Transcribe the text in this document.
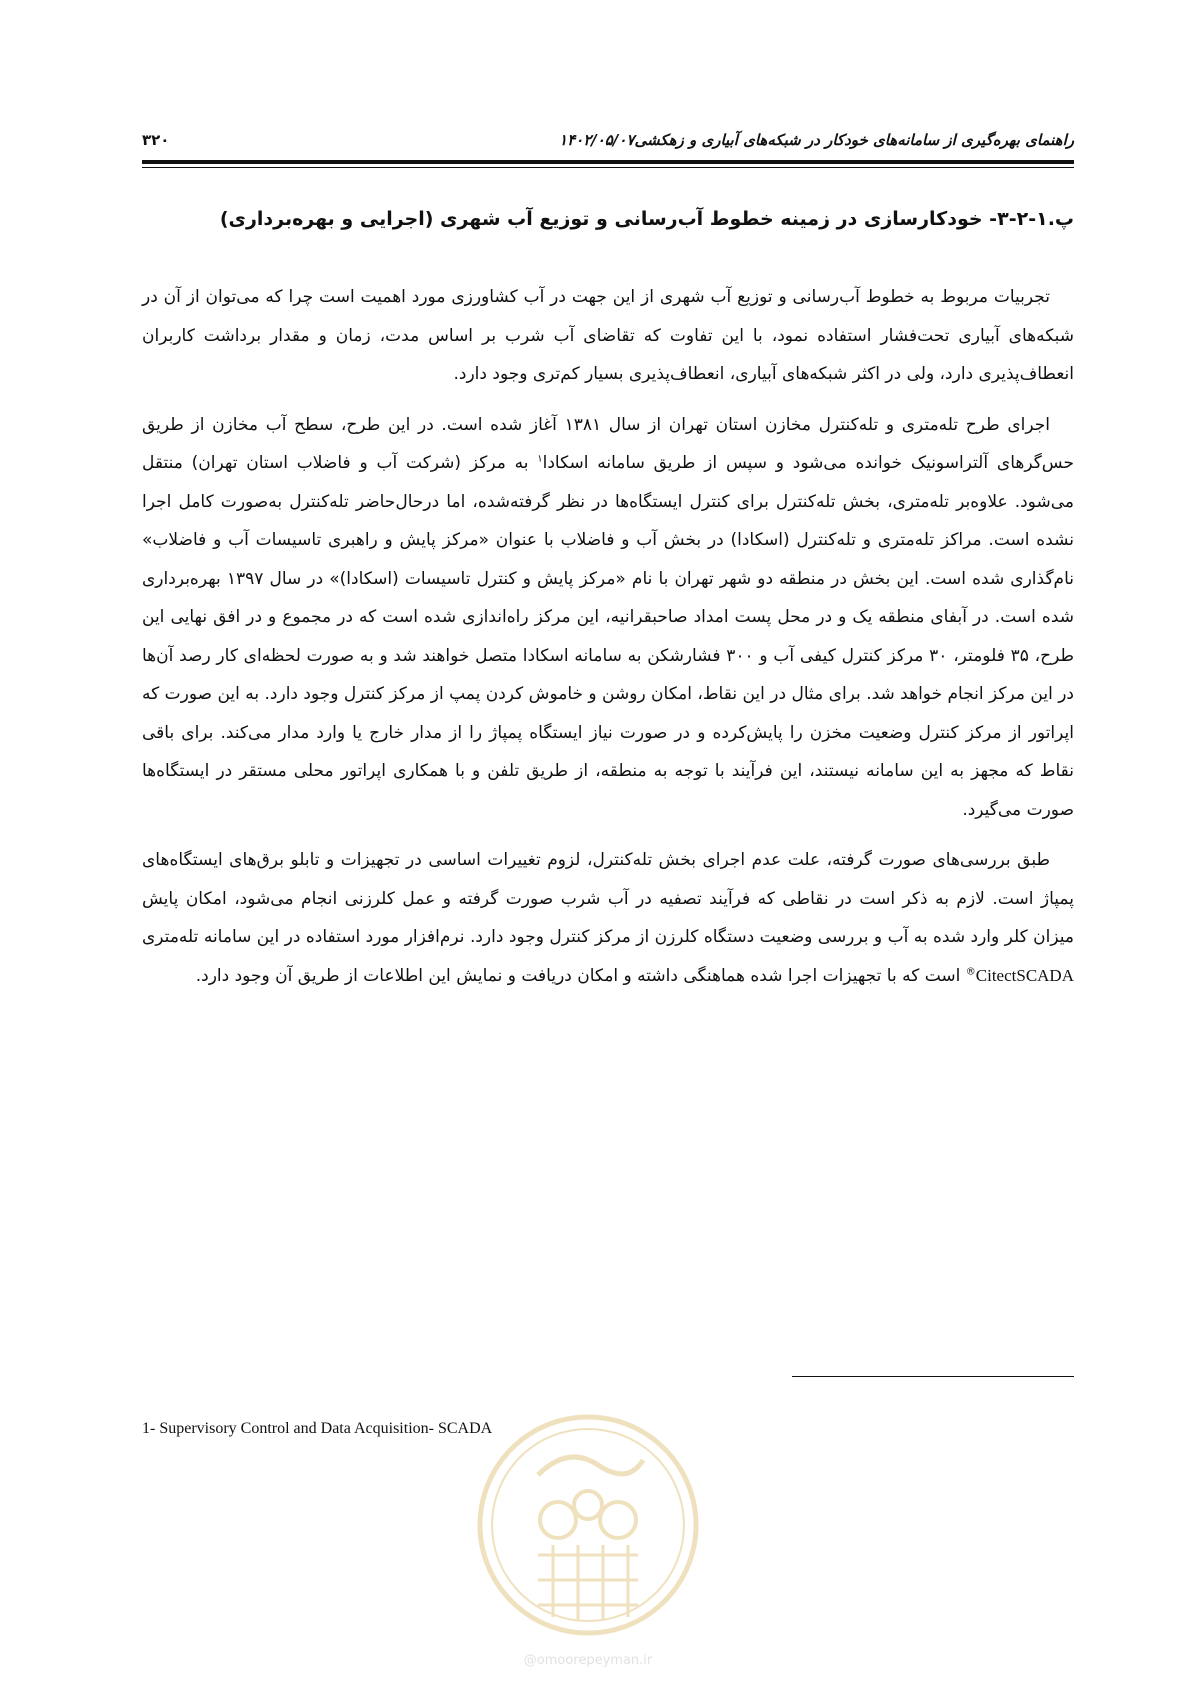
راهنمای بهره‌گیری از سامانه‌های خودکار در شبکه‌های آبیاری و زهکشی۱۴۰۲/۰۵/۰۷
۳۲۰
پ.۱-۲-۳- خودکارسازی در زمینه خطوط آب‌رسانی و توزیع آب شهری (اجرایی و بهره‌برداری)

تجربیات مربوط به خطوط آب‌رسانی و توزیع آب شهری از این جهت در آب کشاورزی مورد اهمیت است چرا که می‌توان از آن در شبکه‌های آبیاری تحت‌فشار استفاده نمود، با این تفاوت که تقاضای آب شرب بر اساس مدت، زمان و مقدار برداشت کاربران انعطاف‌پذیری دارد، ولی در اکثر شبکه‌های آبیاری، انعطاف‌پذیری بسیار کم‌تری وجود دارد.

اجرای طرح تله‌متری و تله‌کنترل مخازن استان تهران از سال ۱۳۸۱ آغاز شده است. در این طرح، سطح آب مخازن از طریق حس‌گرهای آلتراسونیک خوانده می‌شود و سپس از طریق سامانه اسکادا$^۱$ به مرکز (شرکت آب و فاضلاب استان تهران) منتقل می‌شود. علاوه‌بر تله‌متری، بخش تله‌کنترل برای کنترل ایستگاه‌ها در نظر گرفته‌شده، اما درحال‌حاضر تله‌کنترل به‌صورت کامل اجرا نشده است. مراکز تله‌متری و تله‌کنترل (اسکادا) در بخش آب و فاضلاب با عنوان «مرکز پایش و راهبری تاسیسات آب و فاضلاب» نام‌گذاری شده است. این بخش در منطقه دو شهر تهران با نام «مرکز پایش و کنترل تاسیسات (اسکادا)» در سال ۱۳۹۷ بهره‌برداری شده است. در آبفای منطقه یک و در محل پست امداد صاحبقرانیه، این مرکز راه‌اندازی شده است که در مجموع و در افق نهایی این طرح، ۳۵ فلومتر، ۳۰ مرکز کنترل کیفی آب و ۳۰۰ فشارشکن به سامانه اسکادا متصل خواهند شد و به صورت لحظه‌ای کار رصد آن‌ها در این مرکز انجام خواهد شد. برای مثال در این نقاط، امکان روشن و خاموش کردن پمپ از مرکز کنترل وجود دارد. به این صورت که اپراتور از مرکز کنترل وضعیت مخزن را پایش‌کرده و در صورت نیاز ایستگاه پمپاژ را از مدار خارج یا وارد مدار می‌کند. برای باقی نقاط که مجهز به این سامانه نیستند، این فرآیند با توجه به منطقه، از طریق تلفن و با همکاری اپراتور محلی مستقر در ایستگاه‌ها صورت می‌گیرد.

طبق بررسی‌های صورت گرفته، علت عدم اجرای بخش تله‌کنترل، لزوم تغییرات اساسی در تجهیزات و تابلو برق‌های ایستگاه‌های پمپاژ است. لازم به ذکر است در نقاطی که فرآیند تصفیه در آب شرب صورت گرفته و عمل کلرزنی انجام می‌شود، امکان پایش میزان کلر وارد شده به آب و بررسی وضعیت دستگاه کلرزن از مرکز کنترل وجود دارد. نرم‌افزار مورد استفاده در این سامانه تله‌متری CitectSCADA® است که با تجهیزات اجرا شده هماهنگی داشته و امکان دریافت و نمایش این اطلاعات از طریق آن وجود دارد.

1- Supervisory Control and Data Acquisition- SCADA
@omoorepeyman.ir
